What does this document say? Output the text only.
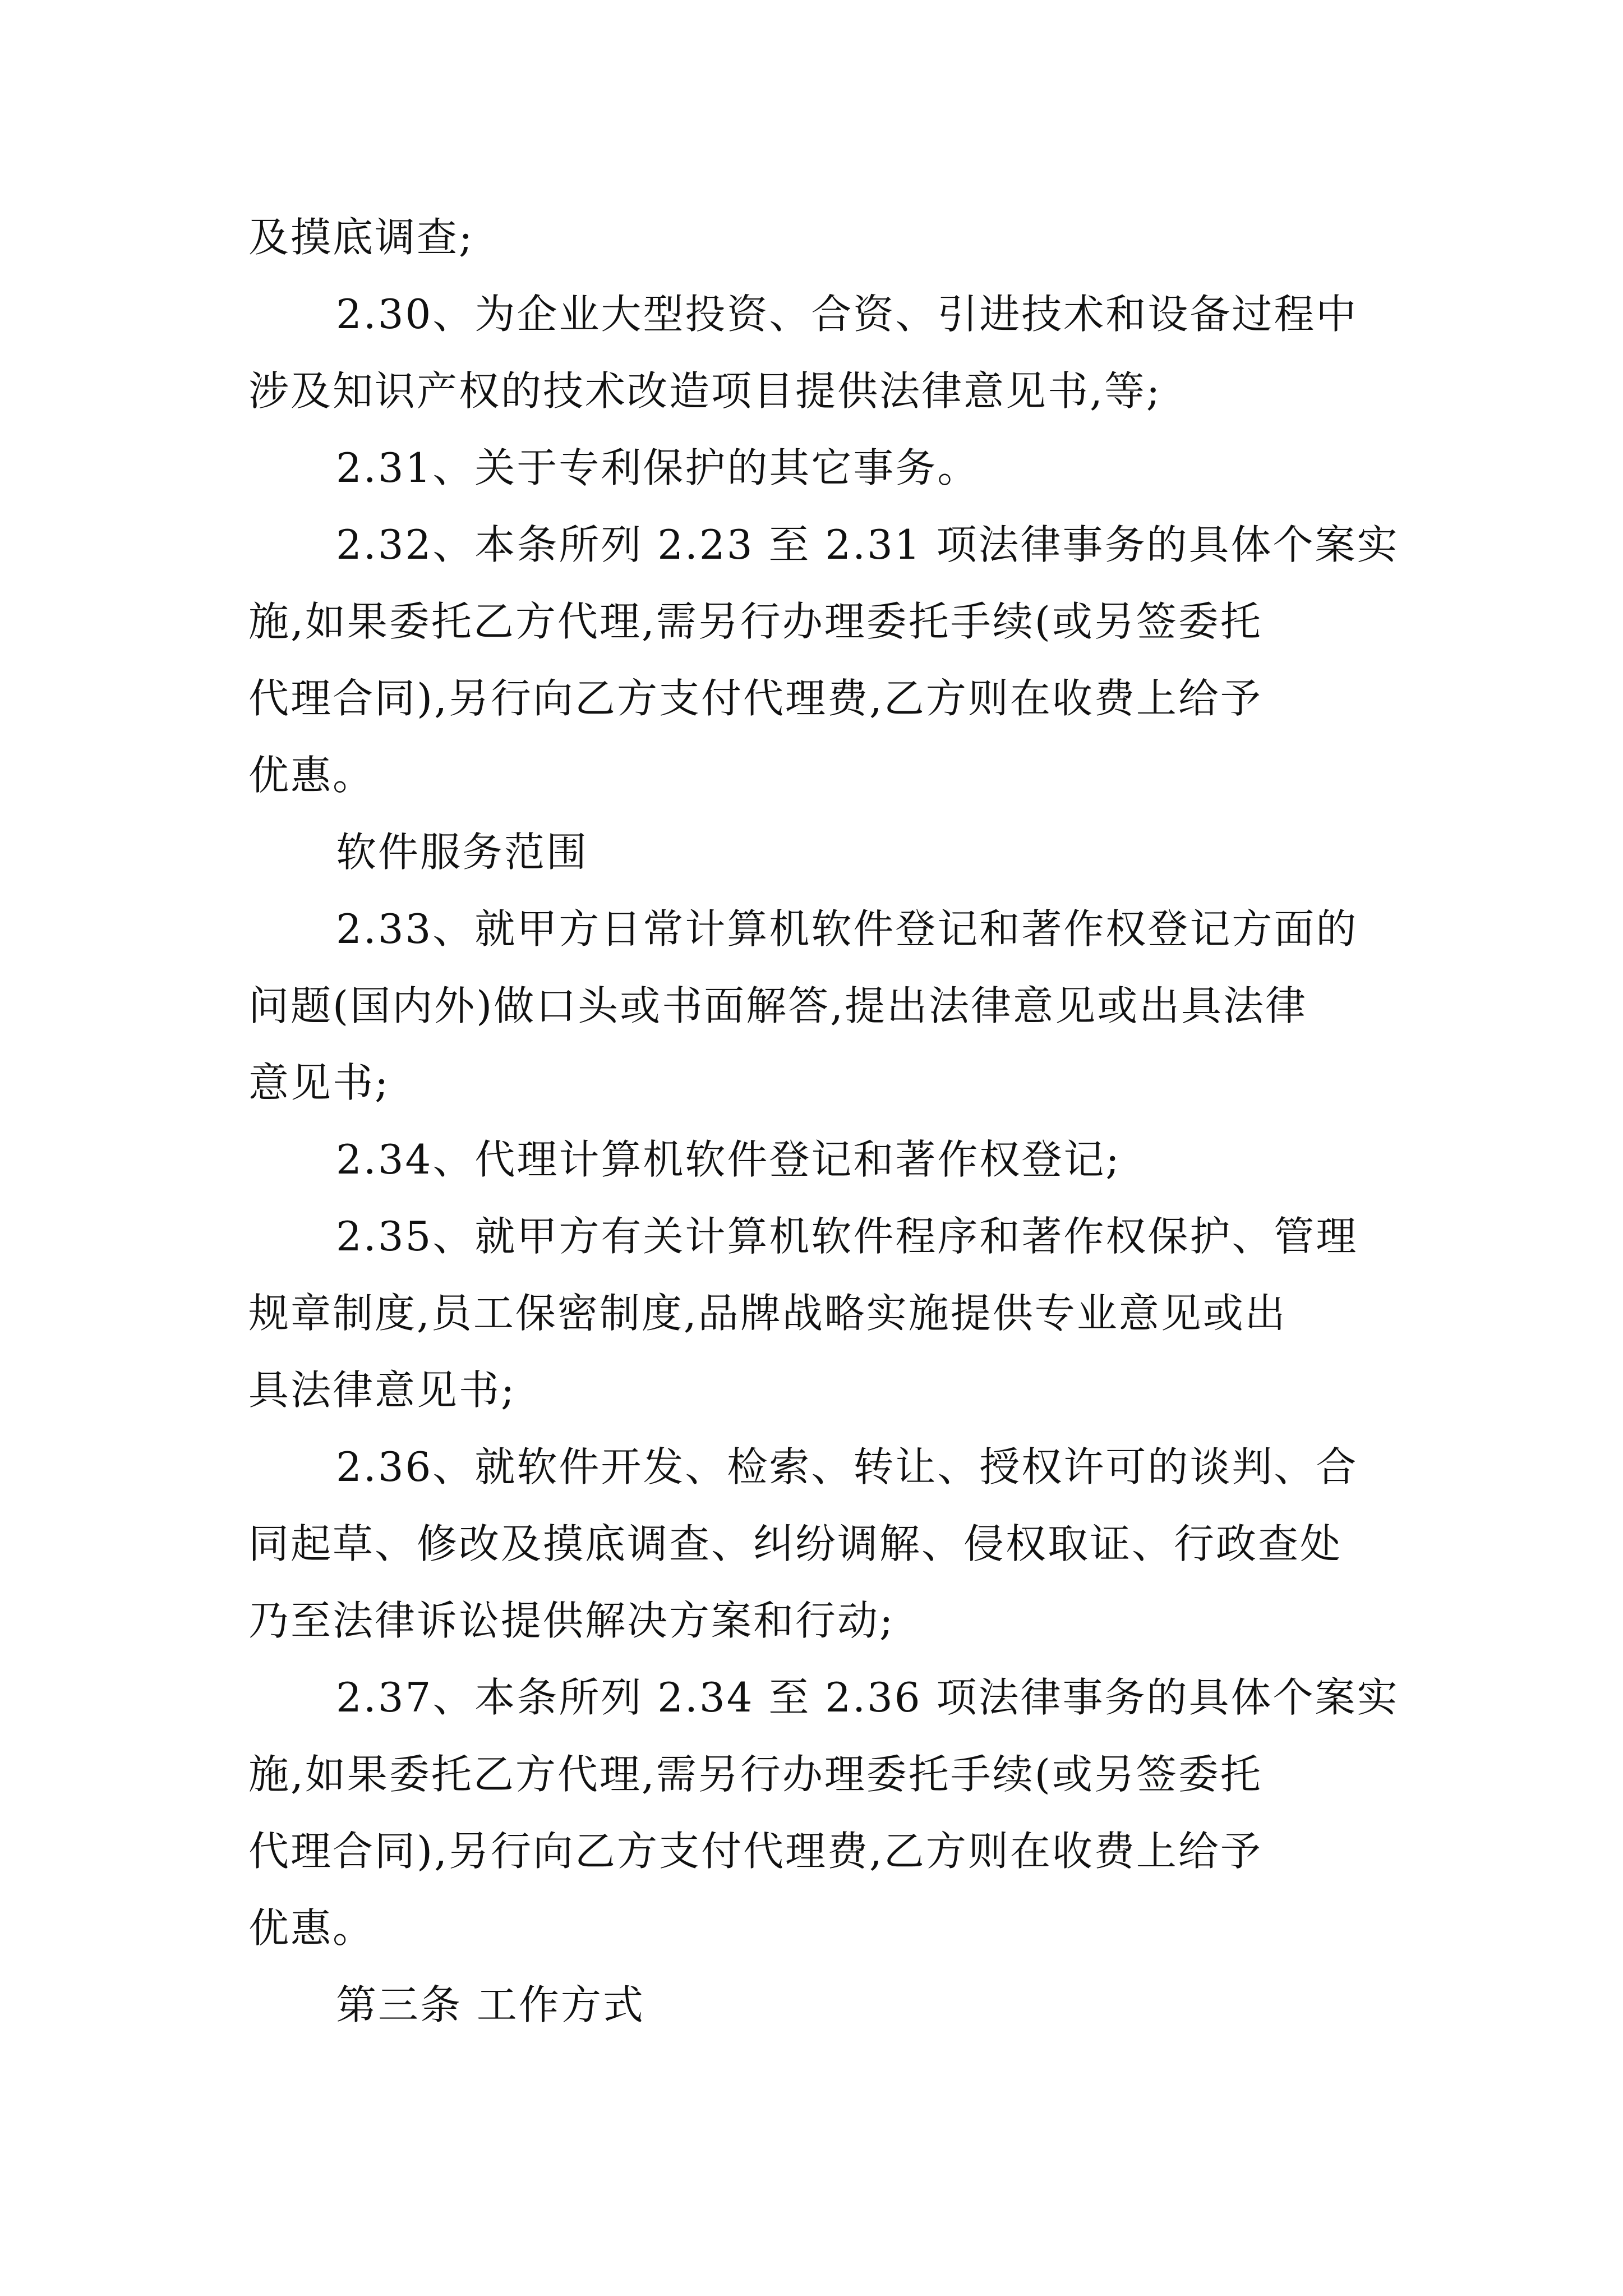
及摸底调查;
2.30、为企业大型投资、合资、引进技术和设备过程中
涉及知识产权的技术改造项目提供法律意见书,等;
2.31、关于专利保护的其它事务。
2.32、本条所列 2.23 至 2.31 项法律事务的具体个案实
施,如果委托乙方代理,需另行办理委托手续(或另签委托
代理合同),另行向乙方支付代理费,乙方则在收费上给予
优惠。
软件服务范围
2.33、就甲方日常计算机软件登记和著作权登记方面的
问题(国内外)做口头或书面解答,提出法律意见或出具法律
意见书;
2.34、代理计算机软件登记和著作权登记;
2.35、就甲方有关计算机软件程序和著作权保护、管理
规章制度,员工保密制度,品牌战略实施提供专业意见或出
具法律意见书;
2.36、就软件开发、检索、转让、授权许可的谈判、合
同起草、修改及摸底调查、纠纷调解、侵权取证、行政查处
乃至法律诉讼提供解决方案和行动;
2.37、本条所列 2.34 至 2.36 项法律事务的具体个案实
施,如果委托乙方代理,需另行办理委托手续(或另签委托
代理合同),另行向乙方支付代理费,乙方则在收费上给予
优惠。
第三条 工作方式
